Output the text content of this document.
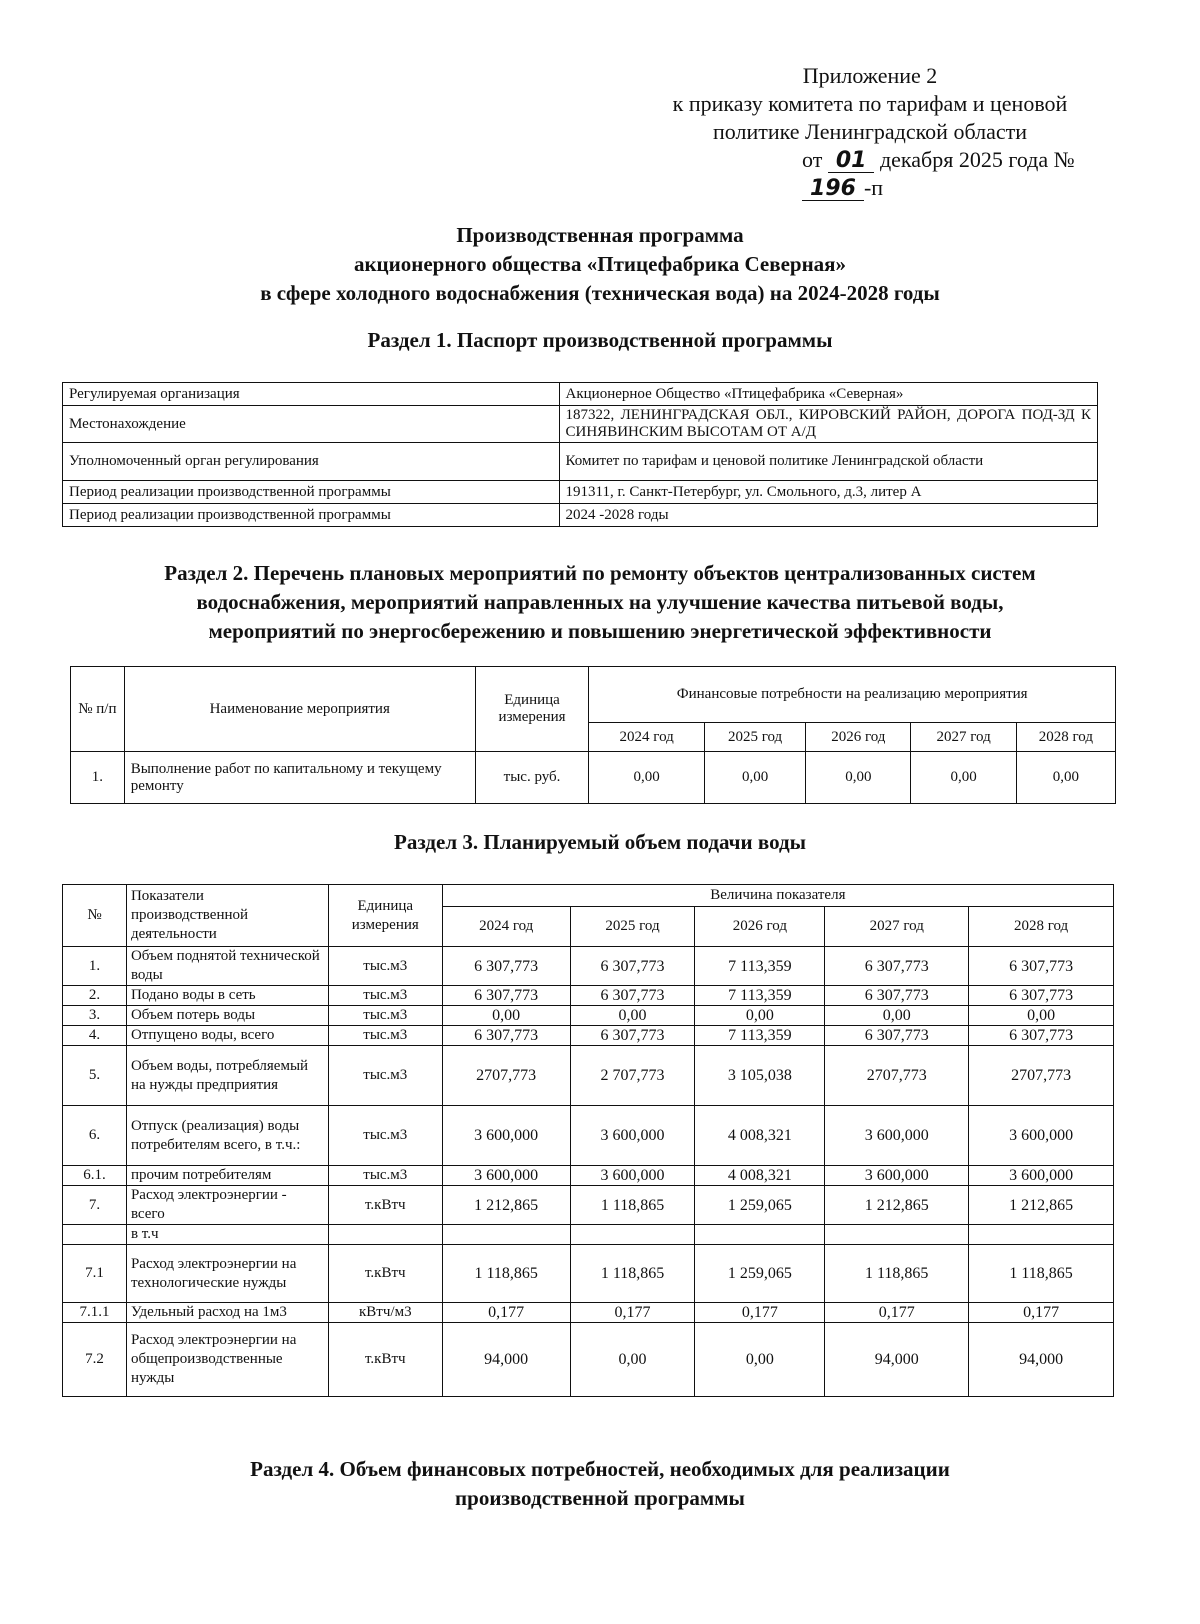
Приложение 2
к приказу комитета по тарифам и ценовой
политике Ленинградской области
от 01 декабря 2025 года №196 -п
Производственная программа
акционерного общества «Птицефабрика Северная»
в сфере холодного водоснабжения (техническая вода) на 2024-2028 годы
Раздел 1. Паспорт производственной программы
Регулируемая организация	Акционерное Общество «Птицефабрика «Северная»
Местонахождение	187322, ЛЕНИНГРАДСКАЯ ОБЛ., КИРОВСКИЙ РАЙОН, ДОРОГА ПОД-ЗД К СИНЯВИНСКИМ ВЫСОТАМ ОТ А/Д
Уполномоченный орган регулирования	Комитет по тарифам и ценовой политике Ленинградской области
Период реализации производственной программы	191311, г. Санкт-Петербург, ул. Смольного, д.3, литер А
Период реализации производственной программы	2024 -2028 годы
Раздел 2. Перечень плановых мероприятий по ремонту объектов централизованных систем
водоснабжения, мероприятий направленных на улучшение качества питьевой воды,
мероприятий по энергосбережению и повышению энергетической эффективности
№ п/п	Наименование мероприятия	Единица измерения	Финансовые потребности на реализацию мероприятия				
			2024 год	2025 год	2026 год	2027 год	2028 год
1.	Выполнение работ по капитальному и текущему ремонту	тыс. руб.	0,00	0,00	0,00	0,00	0,00
Раздел 3. Планируемый объем подачи воды
№	Показатели производственной деятельности	Единица измерения	Величина показателя				
			2024 год	2025 год	2026 год	2027 год	2028 год
1.	Объем поднятой технической воды	тыс.м3	6 307,773	6 307,773	7 113,359	6 307,773	6 307,773
2.	Подано воды в сеть	тыс.м3	6 307,773	6 307,773	7 113,359	6 307,773	6 307,773
3.	Объем потерь воды	тыс.м3	0,00	0,00	0,00	0,00	0,00
4.	Отпущено воды, всего	тыс.м3	6 307,773	6 307,773	7 113,359	6 307,773	6 307,773
5.	Объем воды, потребляемый на нужды предприятия	тыс.м3	2707,773	2 707,773	3 105,038	2707,773	2707,773
6.	Отпуск (реализация) воды потребителям всего, в т.ч.:	тыс.м3	3 600,000	3 600,000	4 008,321	3 600,000	3 600,000
6.1.	прочим потребителям	тыс.м3	3 600,000	3 600,000	4 008,321	3 600,000	3 600,000
7.	Расход электроэнергии - всего	т.кВтч	1 212,865	1 118,865	1 259,065	1 212,865	1 212,865
	в т.ч						
7.1	Расход электроэнергии на технологические нужды	т.кВтч	1 118,865	1 118,865	1 259,065	1 118,865	1 118,865
7.1.1	Удельный расход на 1м3	кВтч/м3	0,177	0,177	0,177	0,177	0,177
7.2	Расход электроэнергии на общепроизводственные нужды	т.кВтч	94,000	0,00	0,00	94,000	94,000
Раздел 4. Объем финансовых потребностей, необходимых для реализации
производственной программы
